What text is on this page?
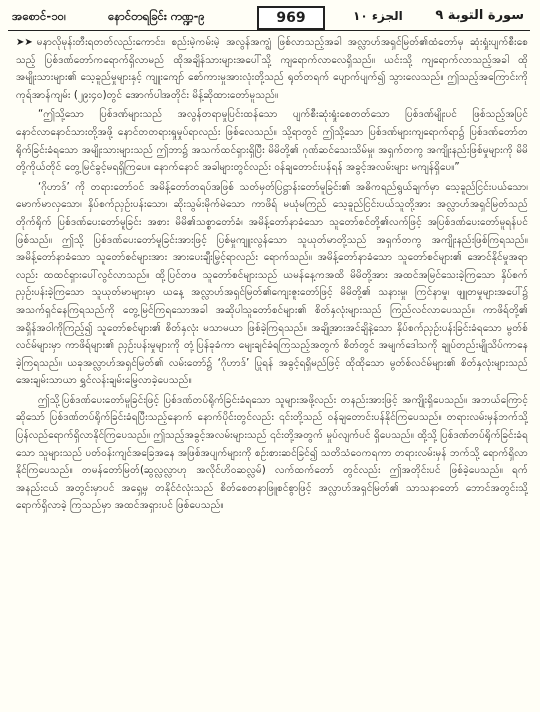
အစောင်-၁၀၊	နောင်တရခြင်း ကဏ္ဍ-၉	969	الجزء ١٠	سورة التوبة ٩

➤➤ မနာလိုမုန်းတီးရတတ်လည်းကောင်း၊ စည်းမဲ့ကမ်းမဲ့ အလွန်အကျွံ ဖြစ်လာသည့်အခါ အလ္လာဟ်အရှင်မြတ်၏ထံတော်မှ ဆုံးရှုံးပျက်စီးစေသည့် ပြစ်ဒဏ်တော်ကရောက်ရှိလာမည် ထိုအချိန်သားများအပေါ်သို့ ကျရောက်လာလေရှိသည်။ ယင်းသို့ ကျရောက်လာသည့်အခါ ထိုအမျိုးသားများ၏ သေ့ခူည်မှုများနှင့် ကျူးကျော် စော်ကားမှုအားလုံးတို့သည် ရုတ်တရက် ပျောက်ပျက်၍ သွားလေသည်။ ဤသည့်အကြောင်းကို ကုရ်အာန်ကျမ်း (၂၉း၄၀)တွင် အောက်ပါအတိုင်း မိန့်ဆိုထားတော်မူသည်။

“ဤသို့သော ပြစ်ဒဏ်များသည် အလွန်တရာမှုပြင်းထန်သော ပျက်စီးဆုံးရှုံးစေတတ်သော ပြစ်ဒဏ်မျိုးပင် ဖြစ်သည့်အပြင် နောင်လာနောင်သားတို့အဖို့ နောင်တတရားရှုမှုပ်ရာလည်း ဖြစ်လေသည်။ သို့ရာတွင် ဤသို့သော ပြစ်ဒဏ်များကျရောက်ရာ၌ ပြစ်ဒဏ်တော်တရိုက်ခြင်းခံရသော အမျိုးသားများသည် ဤဘာ၌ အသက်ထင်ရှားရှိပြီး မိမိတို့၏ ဂုဏ်ဆင်သေးသိမ်မှု၊ အရှက်တကွ အကျိုးနည်းဖြစ်မှုများကို မိမိတို့ကိုယ်တိုင် တွေ့မြင်ခွင့်မရရှိကြပေ။ နောက်နောင် အခါများတွင်လည်း ဝန်ချတောင်းပန်ရန် အခွင့်အလမ်းများ မကျန်ရှိပေ။”

‘ဂိုဟာဒ်’ ကို တရားတော်ဝင် အမိန့်တော်တရပ်အဖြစ် သတ်မှတ်ပြဋ္ဌာန်းတော်မူခြင်း၏ အဓိကရည်ရွယ်ချက်မှာ သေ့ခူည်ငြင်းပယ်သော၊ မောက်မာလှသော၊ နှိပ်စက်ညှဉ်းပန်းသော၊ ဆိုးသွမ်းမိုက်မဲသော ကာဖိရ် မယုံမကြည် သေ့ခူည်ငြင်းပယ်သူတို့အား အလ္လာဟ်အရှင်မြတ်သည် တိုက်ရိုက် ပြစ်ဒဏ်ပေးတော်မူခြင်း အစား မိမိ၏သစ္စာတော်ခံ၊ အမိန့်တော်နာခံသော သူတော်စင်တို့၏လက်ဖြင့် အပြစ်ဒဏ်ပေးတော်မူရန်ပင်ဖြစ်သည်။ ဤသို့ ပြစ်ဒဏ်ပေးတော်မူခြင်းအားဖြင့် ပြစ်မှုကျူးလွန်သော သူယုတ်မာတို့သည် အရှက်တကွ အကျိုးနည်းဖြစ်ကြရသည်။ အမိန့်တော်နာခံသော သူတော်စင်များအား အားပေးချီးမြှင့်ရာလည်း ရောက်သည်။ အမိန့်တော်နာခံသော သူတော်စင်များ၏ အောင်နိုင်မှုအရာလည်း ထထင်ရှားပေါ်လွင်လာသည်။ ထို့ပြင်တဖ သူတော်စင်များသည် ယမန်နေ့ကအထိ မိမိတို့အား အထင်အမြင်သေးခဲ့ကြသော နှိပ်စက်ညှဉ်းပန်းခဲ့ကြသော သူယုတ်မာများမှာ ယနေ့ အလ္လာဟ်အရှင်မြတ်၏ကျေးဇူးတော်ဖြင့် မိမိတို့၏ သနားမှု၊ ကြင်နာမှု၊ ဖျူတမှုများအပေါ်၌ အသက်ရှင်နေကြရသည်ကို တွေ့မြင်ကြရသောအခါ အဆိုပါသူတော်စင်များ၏ စိတ်နှလုံးများသည် ကြည်လင်လာပေသည်။ ကာဖိရ်တို့၏ အရှိန်အဝါကိုကြည့်၍ သူတော်စင်များ၏ စိတ်နှလုံး မသာမယာ ဖြစ်ခဲ့ကြရသည်။ အချို့အားအင်ချိနဲ့သော နှိပ်စက်ညှဉ်းပန်းခြင်းခံရသော မွတ်စ်လင်မ်များမှာ ကာဖိရ်များ၏ ညှဉ်းပန်းမှုများကို တုံ့ပြန်ခုခံကာ မျေးချင်ခံရကြသည့်အတွက် စိတ်တွင် အမျက်ဒေါသကို ချုပ်တည်းမျိုသိပ်ကာနေခဲ့ကြရသည်။ ယခုအလ္လာဟ်အရှင်မြတ်၏ လမ်းတော်၌ ‘ဂိုဟာဒ်’ ပြုရန် အခွင့်ရရှိမည်ဖြင့် ထိုထိုသော မွတ်စ်လင်မ်များ၏ စိတ်နှလုံးများသည် အေးချမ်းသာယာ ရွှင်လန်းချမ်းမြေ့လာခဲ့ပေသည်။

ဤသို့ပြစ်ဒဏ်ပေးတော်မူခြင်းဖြင့် ပြစ်ဒဏ်တပ်ရိုက်ခြင်းခံရသော သူများအဖို့လည်း တနည်းအားဖြင့် အကျိုးရှိပေသည်။ အဘယ်ကြောင့်ဆိုသော် ပြစ်ဒဏ်တပ်ရိုက်ခြင်းခံရပြီးသည့်နောက် နောက်ပိုင်းတွင်လည်း ၎င်းတို့သည် ဝန်ချတောင်းပန်နိုင်ကြပေသည်။ တရားလမ်းမှန်ဘက်သို့ ပြန်လည်ရောက်ရှိလာနိုင်ကြပေသည်။ ဤသည့်အခွင့်အလမ်းများသည် ၎င်းတို့အတွက် မှုပ်လျက်ပင် ရှိပေသည်။ ထို့သို့ ပြစ်ဒဏ်တပ်ရိုက်ခြင်းခံရသော သူများသည် ပတ်ဝန်းကျင်အခြေအနေ အဖြစ်အပျက်များကို စဉ်းစားဆင်ခြင်၍ သတိသံဝေကရကာ တရားလမ်းမှန် ဘက်သို့ ရောက်ရှိလာနိုင်ကြပေသည်။ တမန်တော်မြတ်(ဆွလ္လလ္လာဟု အလိုင်ဟိဝဆလ္လမ်) လက်ထက်တော် တွင်လည်း ဤအတိုင်းပင် ဖြစ်ခဲ့ပေသည်။ ရက် အနည်းငယ် အတွင်းမှာပင် အရှေ့မှ တနိုင်ငံလုံးသည် စိတ်စေတနာဖြူစင်စွာဖြင့် အလ္လာဟ်အရှင်မြတ်၏ သာသနာတော် ဘောင်အတွင်းသို့ ရောက်ရှိလာခဲ့ ကြသည်မှာ အထင်အရှားပင် ဖြစ်ပေသည်။
